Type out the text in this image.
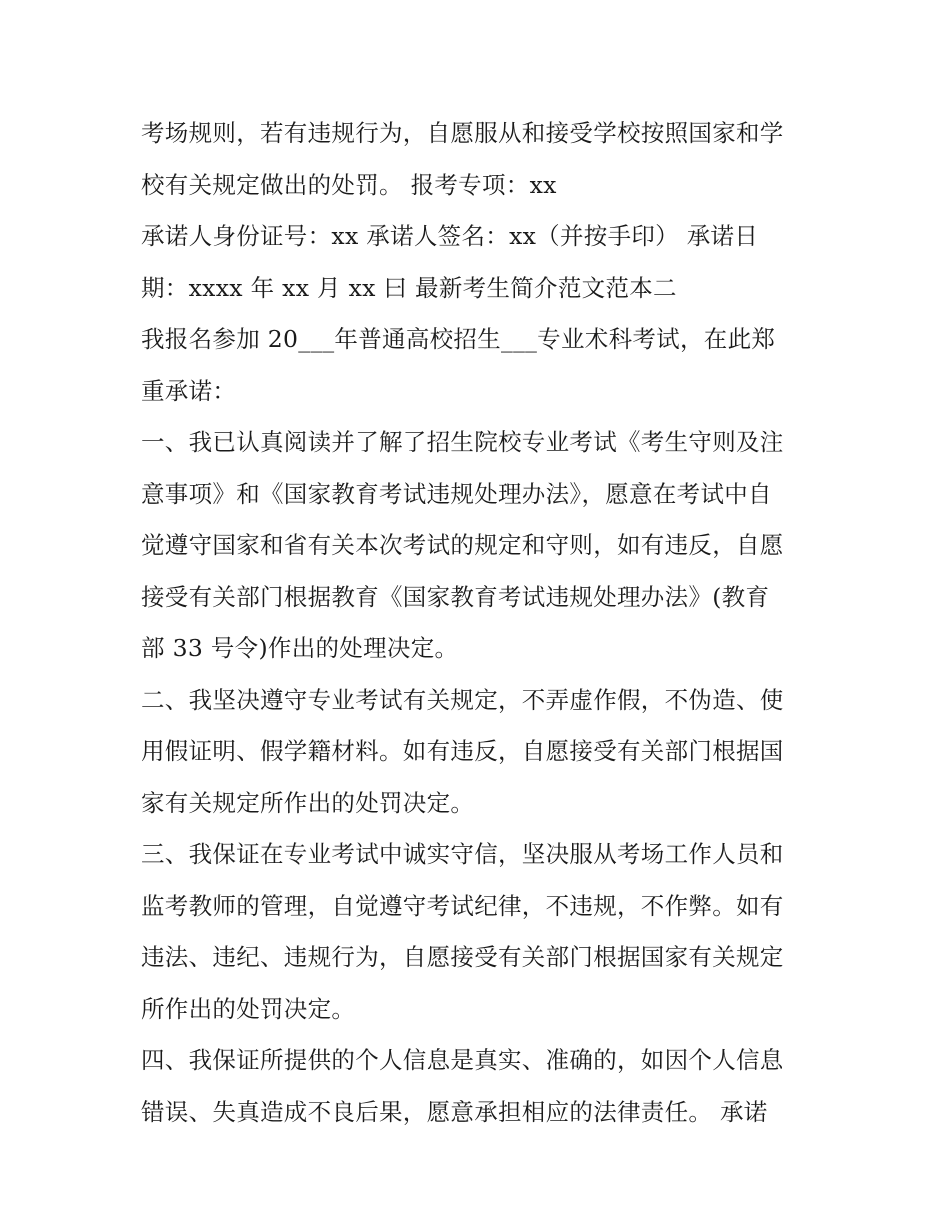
考场规则，若有违规行为，自愿服从和接受学校按照国家和学
校有关规定做出的处罚。 报考专项：xx
承诺人身份证号：xx 承诺人签名：xx（并按手印） 承诺日
期：xxxx 年 xx 月 xx 曰 最新考生简介范文范本二
我报名参加 20___年普通高校招生___专业术科考试，在此郑
重承诺：
一、我已认真阅读并了解了招生院校专业考试《考生守则及注
意事项》和《国家教育考试违规处理办法》，愿意在考试中自
觉遵守国家和省有关本次考试的规定和守则，如有违反，自愿
接受有关部门根据教育《国家教育考试违规处理办法》(教育
部 33 号令)作出的处理决定。
二、我坚决遵守专业考试有关规定，不弄虚作假，不伪造、使
用假证明、假学籍材料。如有违反，自愿接受有关部门根据国
家有关规定所作出的处罚决定。
三、我保证在专业考试中诚实守信，坚决服从考场工作人员和
监考教师的管理，自觉遵守考试纪律，不违规，不作弊。如有
违法、违纪、违规行为，自愿接受有关部门根据国家有关规定
所作出的处罚决定。
四、我保证所提供的个人信息是真实、准确的，如因个人信息
错误、失真造成不良后果，愿意承担相应的法律责任。 承诺
